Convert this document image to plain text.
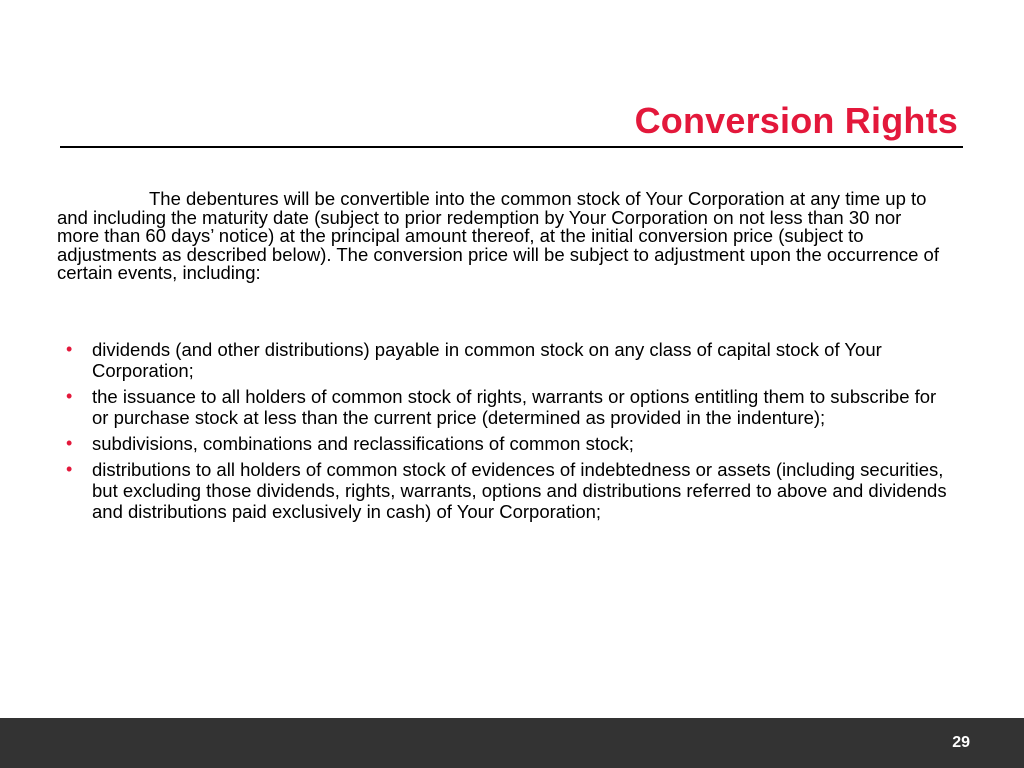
Conversion Rights

The debentures will be convertible into the common stock of Your Corporation at any time up to and including the maturity date (subject to prior redemption by Your Corporation on not less than 30 nor more than 60 days’ notice) at the principal amount thereof, at the initial conversion price (subject to adjustments as described below). The conversion price will be subject to adjustment upon the occurrence of certain events, including:

• dividends (and other distributions) payable in common stock on any class of capital stock of Your Corporation;
• the issuance to all holders of common stock of rights, warrants or options entitling them to subscribe for or purchase stock at less than the current price (determined as provided in the indenture);
• subdivisions, combinations and reclassifications of common stock;
• distributions to all holders of common stock of evidences of indebtedness or assets (including securities, but excluding those dividends, rights, warrants, options and distributions referred to above and dividends and distributions paid exclusively in cash) of Your Corporation;
29
